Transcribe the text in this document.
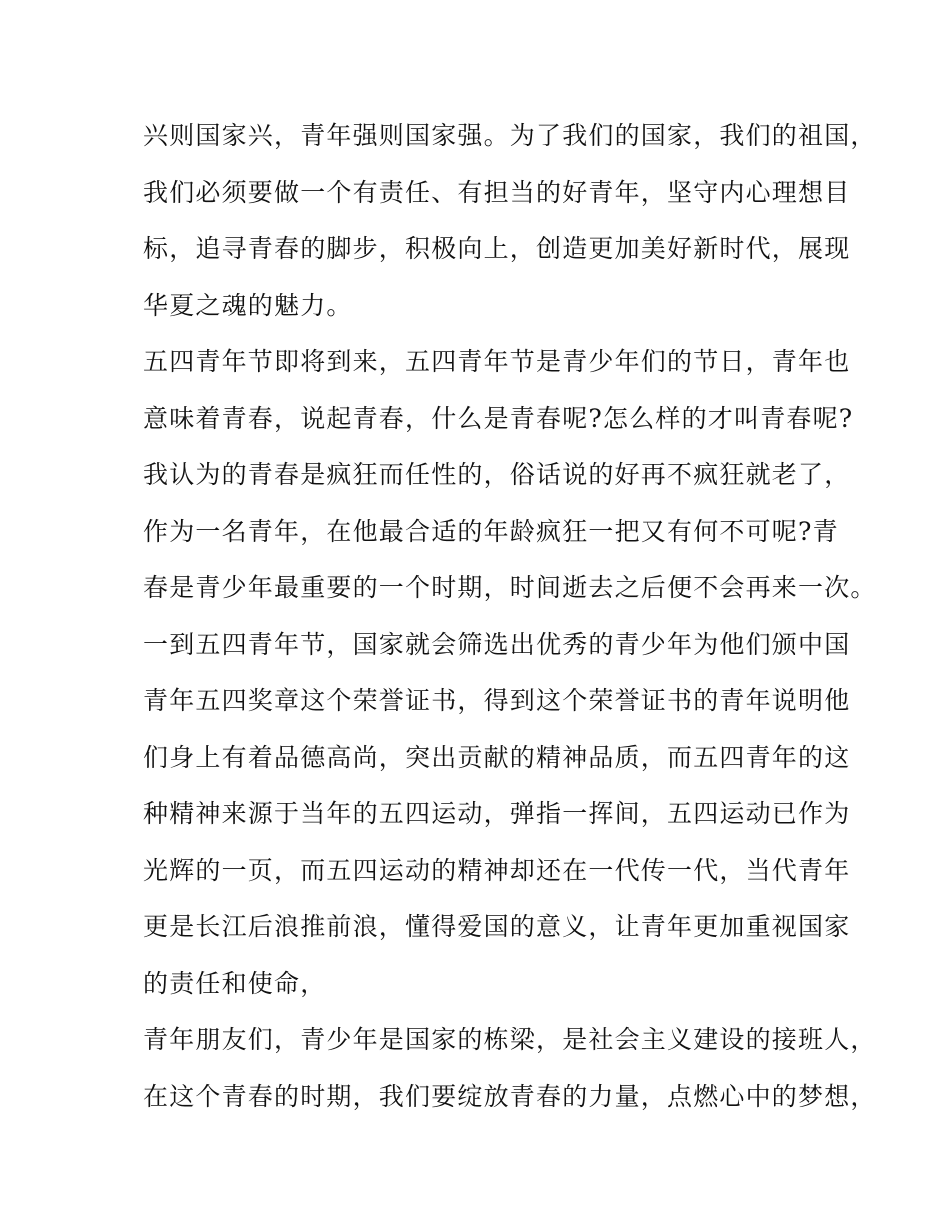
兴则国家兴，青年强则国家强。为了我们的国家，我们的祖国，
我们必须要做一个有责任、有担当的好青年，坚守内心理想目
标，追寻青春的脚步，积极向上，创造更加美好新时代，展现
华夏之魂的魅力。
五四青年节即将到来，五四青年节是青少年们的节日，青年也
意味着青春，说起青春，什么是青春呢?怎么样的才叫青春呢?
我认为的青春是疯狂而任性的，俗话说的好再不疯狂就老了，
作为一名青年，在他最合适的年龄疯狂一把又有何不可呢?青
春是青少年最重要的一个时期，时间逝去之后便不会再来一次。
一到五四青年节，国家就会筛选出优秀的青少年为他们颁中国
青年五四奖章这个荣誉证书，得到这个荣誉证书的青年说明他
们身上有着品德高尚，突出贡献的精神品质，而五四青年的这
种精神来源于当年的五四运动，弹指一挥间，五四运动已作为
光辉的一页，而五四运动的精神却还在一代传一代，当代青年
更是长江后浪推前浪，懂得爱国的意义，让青年更加重视国家
的责任和使命，
青年朋友们，青少年是国家的栋梁，是社会主义建设的接班人，
在这个青春的时期，我们要绽放青春的力量，点燃心中的梦想，
